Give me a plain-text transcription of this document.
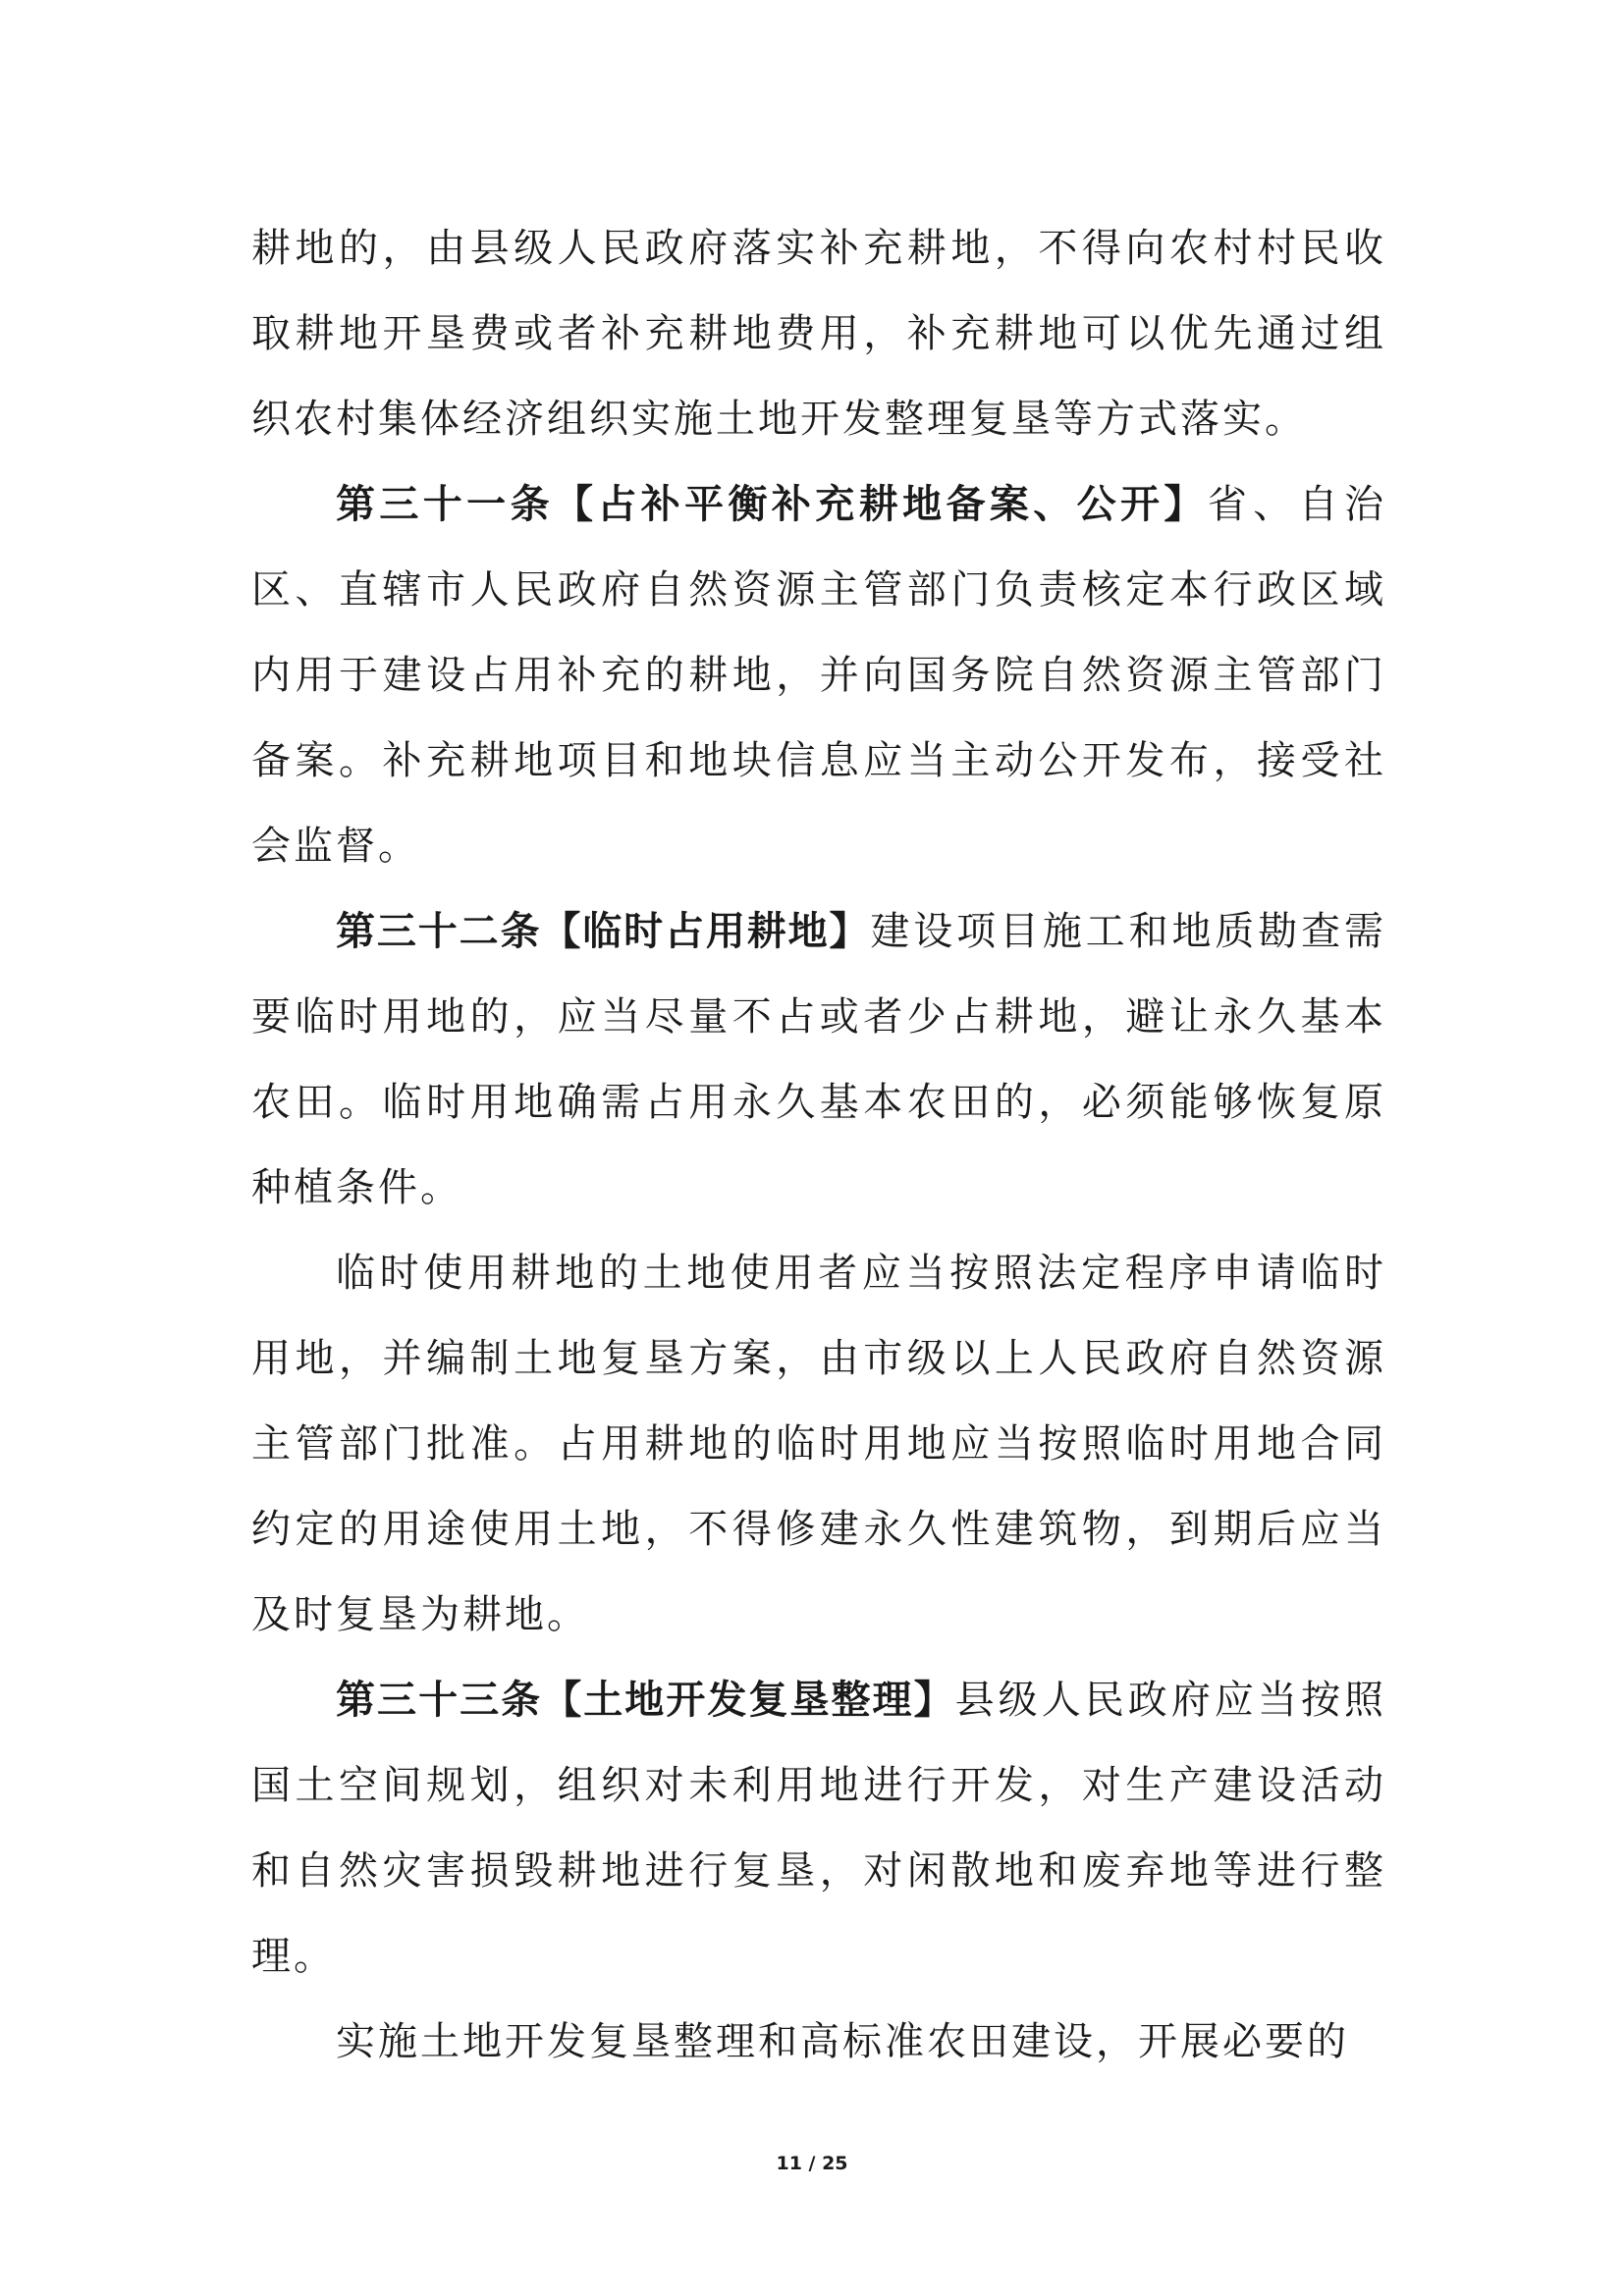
耕地的，由县级人民政府落实补充耕地，不得向农村村民收取耕地开垦费或者补充耕地费用，补充耕地可以优先通过组织农村集体经济组织实施土地开发整理复垦等方式落实。

第三十一条【占补平衡补充耕地备案、公开】省、自治区、直辖市人民政府自然资源主管部门负责核定本行政区域内用于建设占用补充的耕地，并向国务院自然资源主管部门备案。补充耕地项目和地块信息应当主动公开发布，接受社会监督。

第三十二条【临时占用耕地】建设项目施工和地质勘查需要临时用地的，应当尽量不占或者少占耕地，避让永久基本农田。临时用地确需占用永久基本农田的，必须能够恢复原种植条件。

临时使用耕地的土地使用者应当按照法定程序申请临时用地，并编制土地复垦方案，由市级以上人民政府自然资源主管部门批准。占用耕地的临时用地应当按照临时用地合同约定的用途使用土地，不得修建永久性建筑物，到期后应当及时复垦为耕地。

第三十三条【土地开发复垦整理】县级人民政府应当按照国土空间规划，组织对未利用地进行开发，对生产建设活动和自然灾害损毁耕地进行复垦，对闲散地和废弃地等进行整理。

实施土地开发复垦整理和高标准农田建设，开展必要的

11 / 25
